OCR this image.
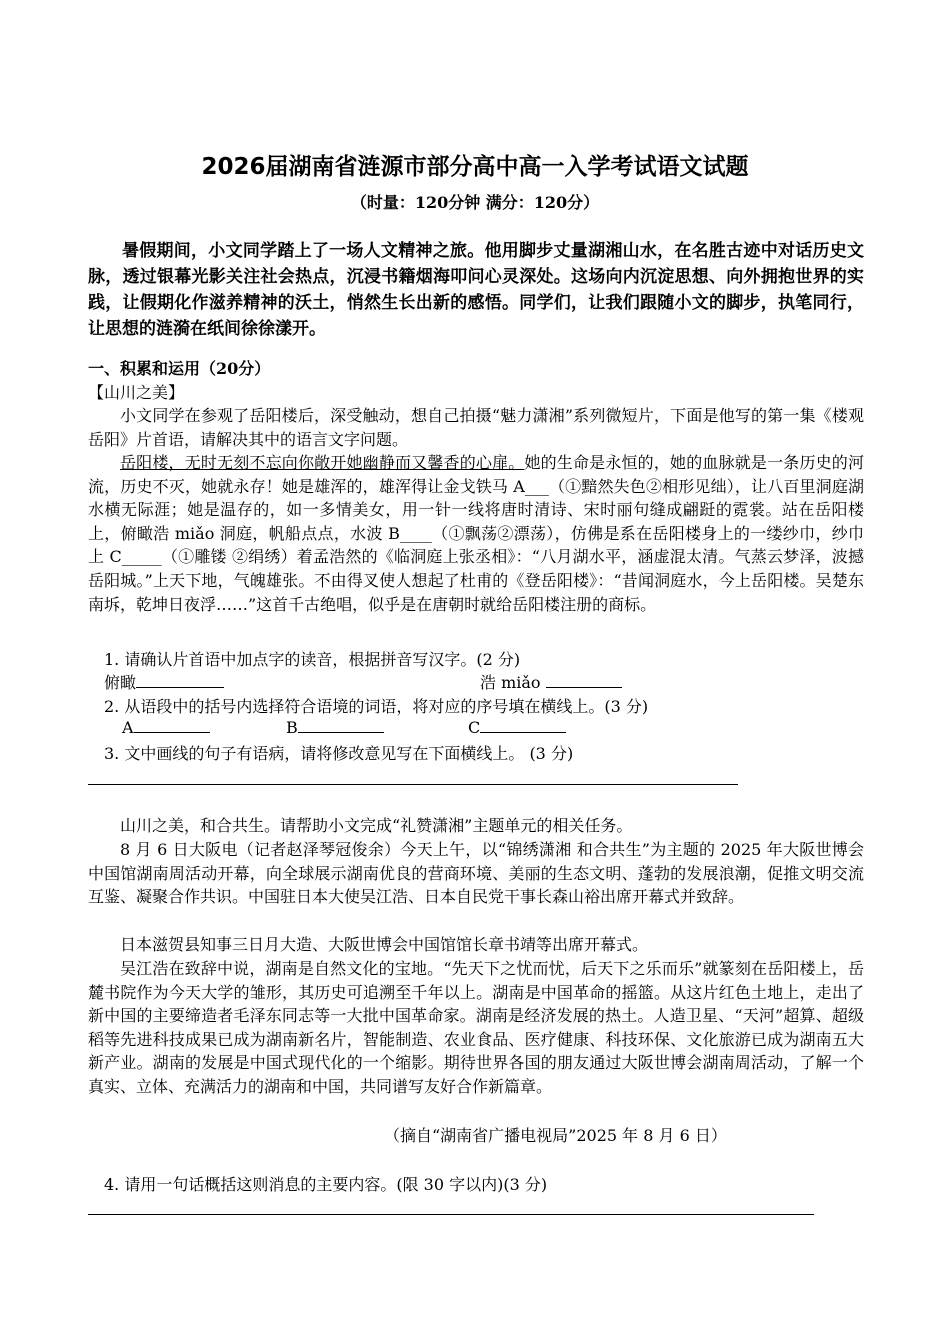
2026届湖南省涟源市部分高中高一入学考试语文试题
（时量：120分钟 满分：120分）
暑假期间，小文同学踏上了一场人文精神之旅。他用脚步丈量湖湘山水，在名胜古迹中对话历史文脉，透过银幕光影关注社会热点，沉浸书籍烟海叩问心灵深处。这场向内沉淀思想、向外拥抱世界的实践，让假期化作滋养精神的沃土，悄然生长出新的感悟。同学们，让我们跟随小文的脚步，执笔同行，让思想的涟漪在纸间徐徐漾开。
一、积累和运用（20分）
【山川之美】
小文同学在参观了岳阳楼后，深受触动，想自己拍摄“魅力潇湘”系列微短片，下面是他写的第一集《楼观岳阳》片首语，请解决其中的语言文字问题。
岳阳楼，无时无刻不忘向你敞开她幽静而又馨香的心扉。她的生命是永恒的，她的血脉就是一条历史的河流，历史不灭，她就永存！她是雄浑的，雄浑得让金戈铁马 A___（①黯然失色②相形见绌），让八百里洞庭湖水横无际涯；她是温存的，如一多情美女，用一针一线将唐时清诗、宋时丽句缝成翩跹的霓裳。站在岳阳楼上，俯瞰浩 miǎo 洞庭，帆船点点，水波 B____（①飘荡②漂荡），仿佛是系在岳阳楼身上的一缕纱巾，纱巾上 C_____（①雕镂 ②绢绣）着孟浩然的《临洞庭上张丞相》：“八月湖水平，涵虚混太清。气蒸云梦泽，波撼岳阳城。”上天下地，气魄雄张。不由得叉使人想起了杜甫的《登岳阳楼》：“昔闻洞庭水，今上岳阳楼。吴楚东南坼，乾坤日夜浮……”这首千古绝唱，似乎是在唐朝时就给岳阳楼注册的商标。
1. 请确认片首语中加点字的读音，根据拼音写汉字。(2 分)
俯瞰	浩 miǎo
2. 从语段中的括号内选择符合语境的词语，将对应的序号填在横线上。(3 分)
A	B	C
3. 文中画线的句子有语病，请将修改意见写在下面横线上。 (3 分)
山川之美，和合共生。请帮助小文完成“礼赞潇湘”主题单元的相关任务。
8 月 6 日大阪电（记者赵泽琴冠俊余）今天上午，以“锦绣潇湘 和合共生”为主题的 2025 年大阪世博会中国馆湖南周活动开幕，向全球展示湖南优良的营商环境、美丽的生态文明、蓬勃的发展浪潮，促推文明交流互鉴、凝聚合作共识。中国驻日本大使吴江浩、日本自民党干事长森山裕出席开幕式并致辞。
日本滋贺县知事三日月大造、大阪世博会中国馆馆长章书靖等出席开幕式。
吴江浩在致辞中说，湖南是自然文化的宝地。“先天下之忧而忧，后天下之乐而乐”就篆刻在岳阳楼上，岳麓书院作为今天大学的雏形，其历史可追溯至千年以上。湖南是中国革命的摇篮。从这片红色土地上，走出了新中国的主要缔造者毛泽东同志等一大批中国革命家。湖南是经济发展的热土。人造卫星、“天河”超算、超级稻等先进科技成果已成为湖南新名片，智能制造、农业食品、医疗健康、科技环保、文化旅游已成为湖南五大新产业。湖南的发展是中国式现代化的一个缩影。期待世界各国的朋友通过大阪世博会湖南周活动，了解一个真实、立体、充满活力的湖南和中国，共同谱写友好合作新篇章。
（摘自“湖南省广播电视局”2025 年 8 月 6 日）
4. 请用一句话概括这则消息的主要内容。(限 30 字以内)(3 分)
